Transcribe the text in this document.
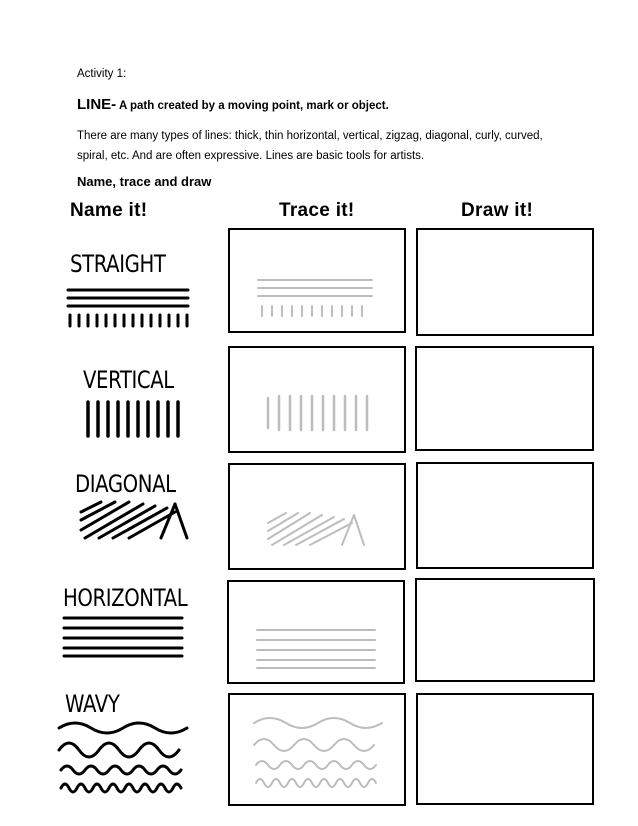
Activity 1:
LINE- A path created by a moving point, mark or object.
There are many types of lines: thick, thin horizontal, vertical, zigzag, diagonal, curly, curved,
spiral, etc. And are often expressive. Lines are basic tools for artists.
Name, trace and draw
Name it!	Trace it!	Draw it!
STRAIGHT
VERTICAL
DIAGONAL
HORIZONTAL
WAVY
